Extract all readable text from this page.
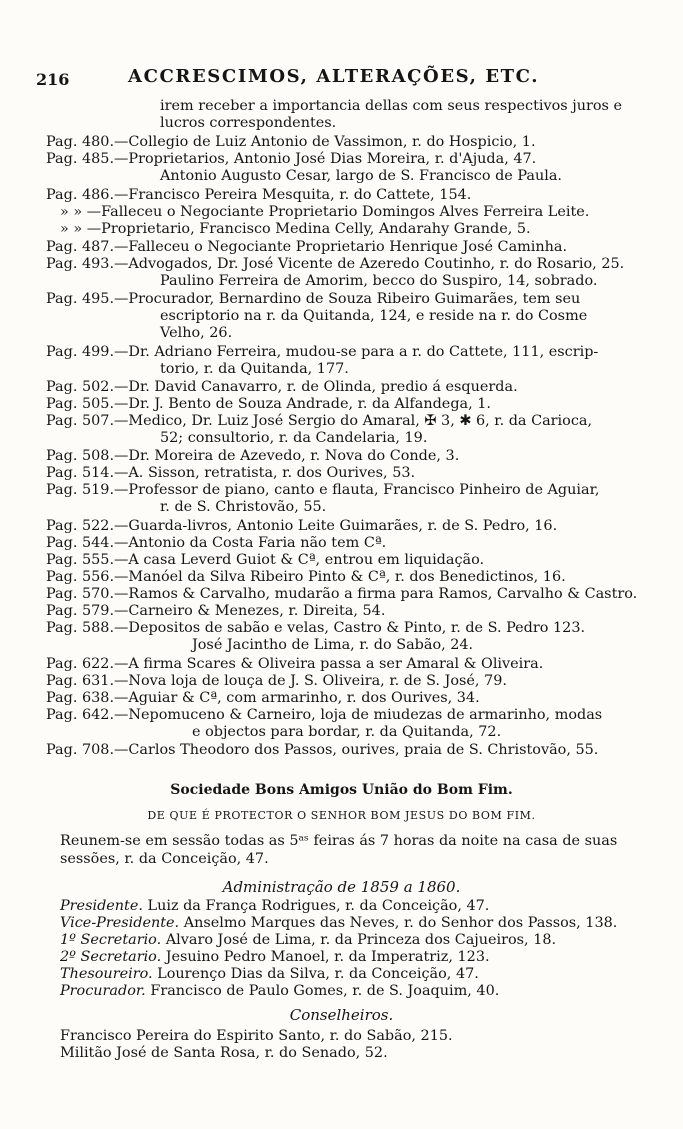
216	ACCRESCIMOS, ALTERAÇÕES, ETC.
irem receber a importancia dellas com seus respectivos juros e
lucros correspondentes.
Pag. 480.—Collegio de Luiz Antonio de Vassimon, r. do Hospicio, 1.
Pag. 485.—Proprietarios, Antonio José Dias Moreira, r. d'Ajuda, 47.
Antonio Augusto Cesar, largo de S. Francisco de Paula.
Pag. 486.—Francisco Pereira Mesquita, r. do Cattete, 154.
» » —Falleceu o Negociante Proprietario Domingos Alves Ferreira Leite.
» » —Proprietario, Francisco Medina Celly, Andarahy Grande, 5.
Pag. 487.—Falleceu o Negociante Proprietario Henrique José Caminha.
Pag. 493.—Advogados, Dr. José Vicente de Azeredo Coutinho, r. do Rosario, 25.
Paulino Ferreira de Amorim, becco do Suspiro, 14, sobrado.
Pag. 495.—Procurador, Bernardino de Souza Ribeiro Guimarães, tem seu
escriptorio na r. da Quitanda, 124, e reside na r. do Cosme
Velho, 26.
Pag. 499.—Dr. Adriano Ferreira, mudou-se para a r. do Cattete, 111, escrip-
torio, r. da Quitanda, 177.
Pag. 502.—Dr. David Canavarro, r. de Olinda, predio á esquerda.
Pag. 505.—Dr. J. Bento de Souza Andrade, r. da Alfandega, 1.
Pag. 507.—Medico, Dr. Luiz José Sergio do Amaral, ✠ 3, ✱ 6, r. da Carioca,
52; consultorio, r. da Candelaria, 19.
Pag. 508.—Dr. Moreira de Azevedo, r. Nova do Conde, 3.
Pag. 514.—A. Sisson, retratista, r. dos Ourives, 53.
Pag. 519.—Professor de piano, canto e flauta, Francisco Pinheiro de Aguiar,
r. de S. Christovão, 55.
Pag. 522.—Guarda-livros, Antonio Leite Guimarães, r. de S. Pedro, 16.
Pag. 544.—Antonio da Costa Faria não tem Cª.
Pag. 555.—A casa Leverd Guiot & Cª, entrou em liquidação.
Pag. 556.—Manóel da Silva Ribeiro Pinto & Cª, r. dos Benedictinos, 16.
Pag. 570.—Ramos & Carvalho, mudarão a firma para Ramos, Carvalho & Castro.
Pag. 579.—Carneiro & Menezes, r. Direita, 54.
Pag. 588.—Depositos de sabão e velas, Castro & Pinto, r. de S. Pedro 123.
José Jacintho de Lima, r. do Sabão, 24.
Pag. 622.—A firma Scares & Oliveira passa a ser Amaral & Oliveira.
Pag. 631.—Nova loja de louça de J. S. Oliveira, r. de S. José, 79.
Pag. 638.—Aguiar & Cª, com armarinho, r. dos Ourives, 34.
Pag. 642.—Nepomuceno & Carneiro, loja de miudezas de armarinho, modas
e objectos para bordar, r. da Quitanda, 72.
Pag. 708.—Carlos Theodoro dos Passos, ourives, praia de S. Christovão, 55.
Sociedade Bons Amigos União do Bom Fim.
DE QUE É PROTECTOR O SENHOR BOM JESUS DO BOM FIM.
Reunem-se em sessão todas as 5ᵃˢ feiras ás 7 horas da noite na casa de suas
sessões, r. da Conceição, 47.
Administração de 1859 a 1860.
Presidente. Luiz da França Rodrigues, r. da Conceição, 47.
Vice-Presidente. Anselmo Marques das Neves, r. do Senhor dos Passos, 138.
1º Secretario. Alvaro José de Lima, r. da Princeza dos Cajueiros, 18.
2º Secretario. Jesuino Pedro Manoel, r. da Imperatriz, 123.
Thesoureiro. Lourenço Dias da Silva, r. da Conceição, 47.
Procurador. Francisco de Paulo Gomes, r. de S. Joaquim, 40.
Conselheiros.
Francisco Pereira do Espirito Santo, r. do Sabão, 215.
Militão José de Santa Rosa, r. do Senado, 52.
